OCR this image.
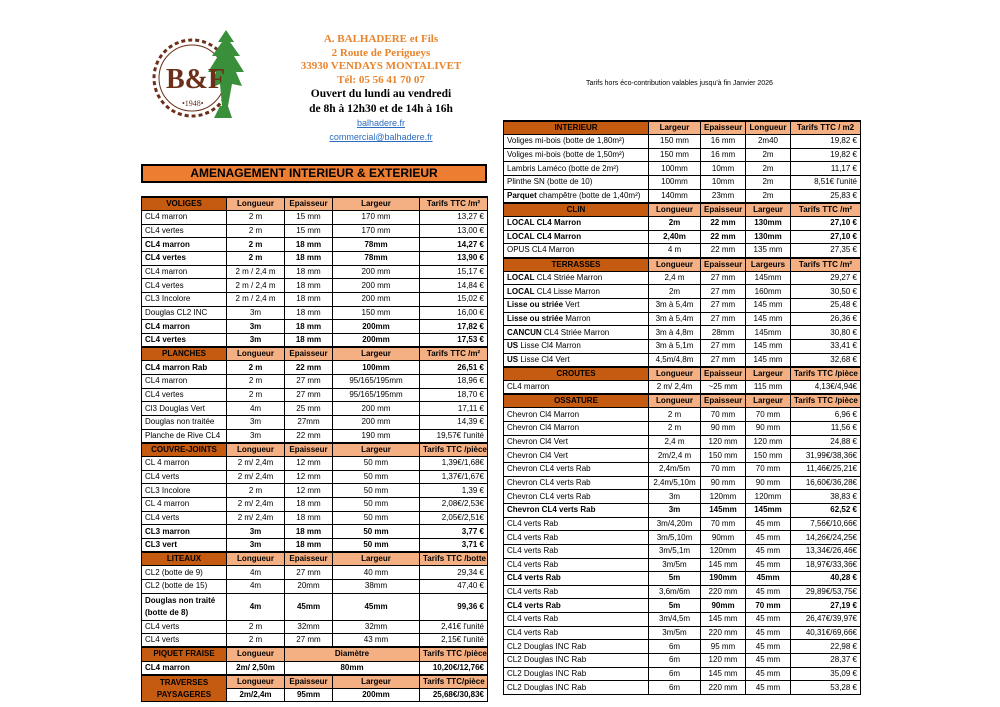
B&F
•1948•
A. BALHADERE et Fils
2 Route de Perigueys
33930 VENDAYS MONTALIVET
Tél: 05 56 41 70 07
Ouvert du lundi au vendredi
de 8h à 12h30 et de 14h à 16h
balhadere.fr
commercial@balhadere.fr
Tarifs hors éco-contribution valables jusqu'à fin Janvier 2026
AMENAGEMENT INTERIEUR & EXTERIEUR
VOLIGES	Longueur	Epaisseur	Largeur	Tarifs TTC /m²
CL4 marron	2 m	15 mm	170 mm	13,27 €
CL4 vertes	2 m	15 mm	170 mm	13,00 €
CL4 marron	2 m	18 mm	78mm	14,27 €
CL4 vertes	2 m	18 mm	78mm	13,90 €
CL4 marron	2 m / 2,4 m	18 mm	200 mm	15,17 €
CL4 vertes	2 m / 2,4 m	18 mm	200 mm	14,84 €
CL3 Incolore	2 m / 2,4 m	18 mm	200 mm	15,02 €
Douglas CL2 INC	3m	18 mm	150 mm	16,00 €
CL4 marron	3m	18 mm	200mm	17,82 €
CL4 vertes	3m	18 mm	200mm	17,53 €
PLANCHES	Longueur	Epaisseur	Largeur	Tarifs TTC /m²
CL4 marron Rab	2 m	22 mm	100mm	26,51 €
CL4 marron	2 m	27 mm	95/165/195mm	18,96 €
CL4 vertes	2 m	27 mm	95/165/195mm	18,70 €
Cl3 Douglas Vert	4m	25 mm	200 mm	17,11 €
Douglas non traitée	3m	27mm	200 mm	14,39 €
Planche de Rive CL4	3m	22 mm	190 mm	19,57€ l'unité
COUVRE-JOINTS	Longueur	Epaisseur	Largeur	Tarifs TTC /pièce
CL 4 marron	2 m/ 2,4m	12 mm	50 mm	1,39€/1,68€
CL4 verts	2 m/ 2,4m	12 mm	50 mm	1,37€/1,67€
CL3 Incolore	2 m	12 mm	50 mm	1,39 €
CL 4 marron	2 m/ 2,4m	18 mm	50 mm	2,08€/2,53€
CL4 verts	2 m/ 2,4m	18 mm	50 mm	2,05€/2,51€
CL3 marron	3m	18 mm	50 mm	3,77 €
CL3 vert	3m	18 mm	50 mm	3,71 €
LITEAUX	Longueur	Epaisseur	Largeur	Tarifs TTC /botte
CL2 (botte de 9)	4m	27 mm	40 mm	29,34 €
CL2 (botte de 15)	4m	20mm	38mm	47,40 €
Douglas non traité (botte de 8)	4m	45mm	45mm	99,36 €
CL4 verts	2 m	32mm	32mm	2,41€ l'unité
CL4 verts	2 m	27 mm	43 mm	2,15€ l'unité
PIQUET FRAISE	Longueur	Diamètre		Tarifs TTC /pièce
CL4 marron	2m/ 2,50m	80mm		10,20€/12,76€
TRAVERSES PAYSAGERES	Longueur	Epaisseur	Largeur	Tarifs TTC/pièce
	2m/2,4m	95mm	200mm	25,68€/30,83€
INTERIEUR	Largeur	Epaisseur	Longueur	Tarifs TTC / m2
Voliges mi-bois (botte de 1,80m²)	150 mm	16 mm	2m40	19,82 €
Voliges mi-bois (botte de 1,50m²)	150 mm	16 mm	2m	19,82 €
Lambris Laméco (botte de 2m²)	100mm	10mm	2m	11,17 €
Plinthe SN (botte de 10)	100mm	10mm	2m	8,51€ l'unité
Parquet champêtre (botte de 1,40m²)	140mm	23mm	2m	25,83 €
CLIN	Longueur	Epaisseur	Largeur	Tarifs TTC /m²
LOCAL CL4 Marron	2m	22 mm	130mm	27,10 €
LOCAL CL4 Marron	2,40m	22 mm	130mm	27,10 €
OPUS CL4 Marron	4 m	22 mm	135 mm	27,35 €
TERRASSES	Longueur	Epaisseur	Largeurs	Tarifs TTC /m²
LOCAL CL4 Striée Marron	2,4 m	27 mm	145mm	29,27 €
LOCAL CL4 Lisse Marron	2m	27 mm	160mm	30,50 €
Lisse ou striée Vert	3m à 5,4m	27 mm	145 mm	25,48 €
Lisse ou striée Marron	3m à 5,4m	27 mm	145 mm	26,36 €
CANCUN CL4 Striée Marron	3m à 4,8m	28mm	145mm	30,80 €
US Lisse Cl4 Marron	3m à 5,1m	27 mm	145 mm	33,41 €
US Lisse Cl4 Vert	4,5m/4,8m	27 mm	145 mm	32,68 €
CROUTES	Longueur	Epaisseur	Largeur	Tarifs TTC /pièce
CL4 marron	2 m/ 2,4m	~25 mm	115 mm	4,13€/4,94€
OSSATURE	Longueur	Epaisseur	Largeur	Tarifs TTC /pièce
Chevron Cl4 Marron	2 m	70 mm	70 mm	6,96 €
Chevron Cl4 Marron	2 m	90 mm	90 mm	11,56 €
Chevron Cl4 Vert	2,4 m	120 mm	120 mm	24,88 €
Chevron Cl4 Vert	2m/2,4 m	150 mm	150 mm	31,99€/38,36€
Chevron CL4 verts Rab	2,4m/5m	70 mm	70 mm	11,46€/25,21€
Chevron CL4 verts Rab	2,4m/5,10m	90 mm	90 mm	16,60€/36,28€
Chevron CL4 verts Rab	3m	120mm	120mm	38,83 €
Chevron CL4 verts Rab	3m	145mm	145mm	62,52 €
CL4 verts Rab	3m/4,20m	70 mm	45 mm	7,56€/10,66€
CL4 verts Rab	3m/5,10m	90mm	45 mm	14,26€/24,25€
CL4 verts Rab	3m/5,1m	120mm	45 mm	13,34€/26,46€
CL4 verts Rab	3m/5m	145 mm	45 mm	18,97€/33,36€
CL4 verts Rab	5m	190mm	45mm	40,28 €
CL4 verts Rab	3,6m/6m	220 mm	45 mm	29,89€/53,75€
CL4 verts Rab	5m	90mm	70 mm	27,19 €
CL4 verts Rab	3m/4,5m	145 mm	45 mm	26,47€/39,97€
CL4 verts Rab	3m/5m	220 mm	45 mm	40,31€/69,66€
CL2 Douglas INC Rab	6m	95 mm	45 mm	22,98 €
CL2 Douglas INC Rab	6m	120 mm	45 mm	28,37 €
CL2 Douglas INC Rab	6m	145 mm	45 mm	35,09 €
CL2 Douglas INC Rab	6m	220 mm	45 mm	53,28 €
